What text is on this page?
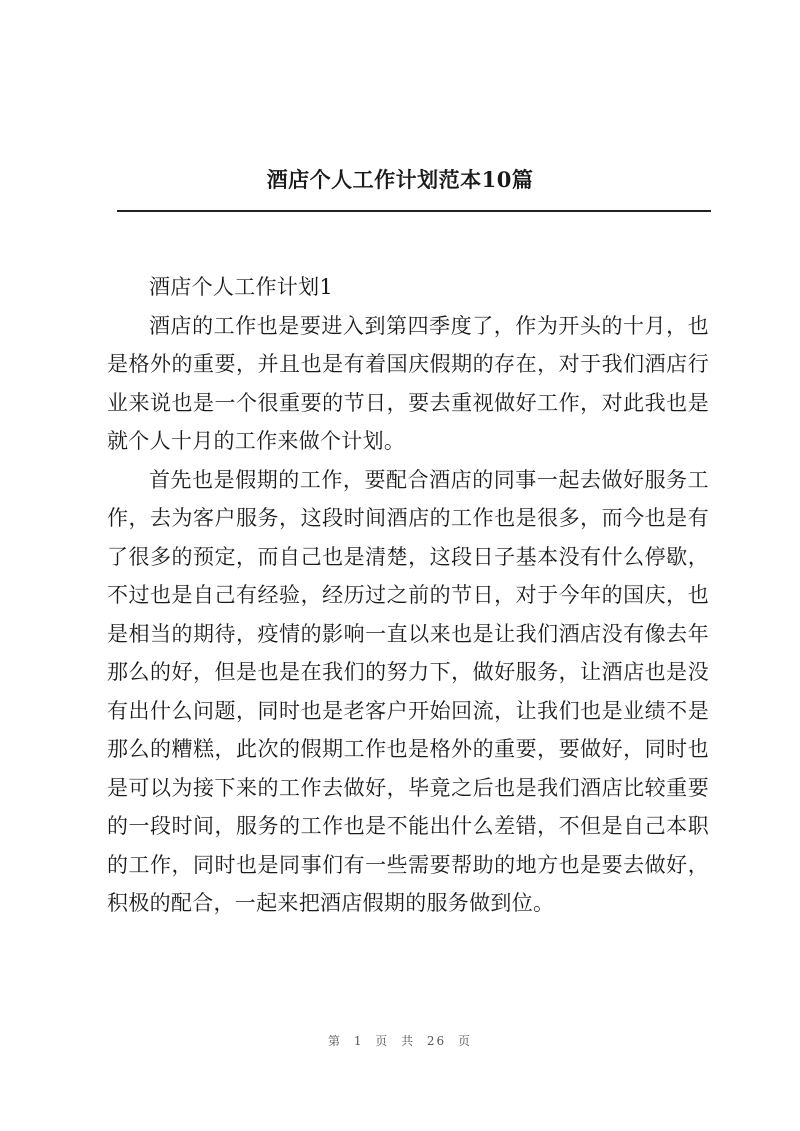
酒店个人工作计划范本10篇

酒店个人工作计划1

酒店的工作也是要进入到第四季度了，作为开头的十月，也是格外的重要，并且也是有着国庆假期的存在，对于我们酒店行业来说也是一个很重要的节日，要去重视做好工作，对此我也是就个人十月的工作来做个计划。

首先也是假期的工作，要配合酒店的同事一起去做好服务工作，去为客户服务，这段时间酒店的工作也是很多，而今也是有了很多的预定，而自己也是清楚，这段日子基本没有什么停歇，不过也是自己有经验，经历过之前的节日，对于今年的国庆，也是相当的期待，疫情的影响一直以来也是让我们酒店没有像去年那么的好，但是也是在我们的努力下，做好服务，让酒店也是没有出什么问题，同时也是老客户开始回流，让我们也是业绩不是那么的糟糕，此次的假期工作也是格外的重要，要做好，同时也是可以为接下来的工作去做好，毕竟之后也是我们酒店比较重要的一段时间，服务的工作也是不能出什么差错，不但是自己本职的工作，同时也是同事们有一些需要帮助的地方也是要去做好，积极的配合，一起来把酒店假期的服务做到位。

第 1 页 共 26 页
